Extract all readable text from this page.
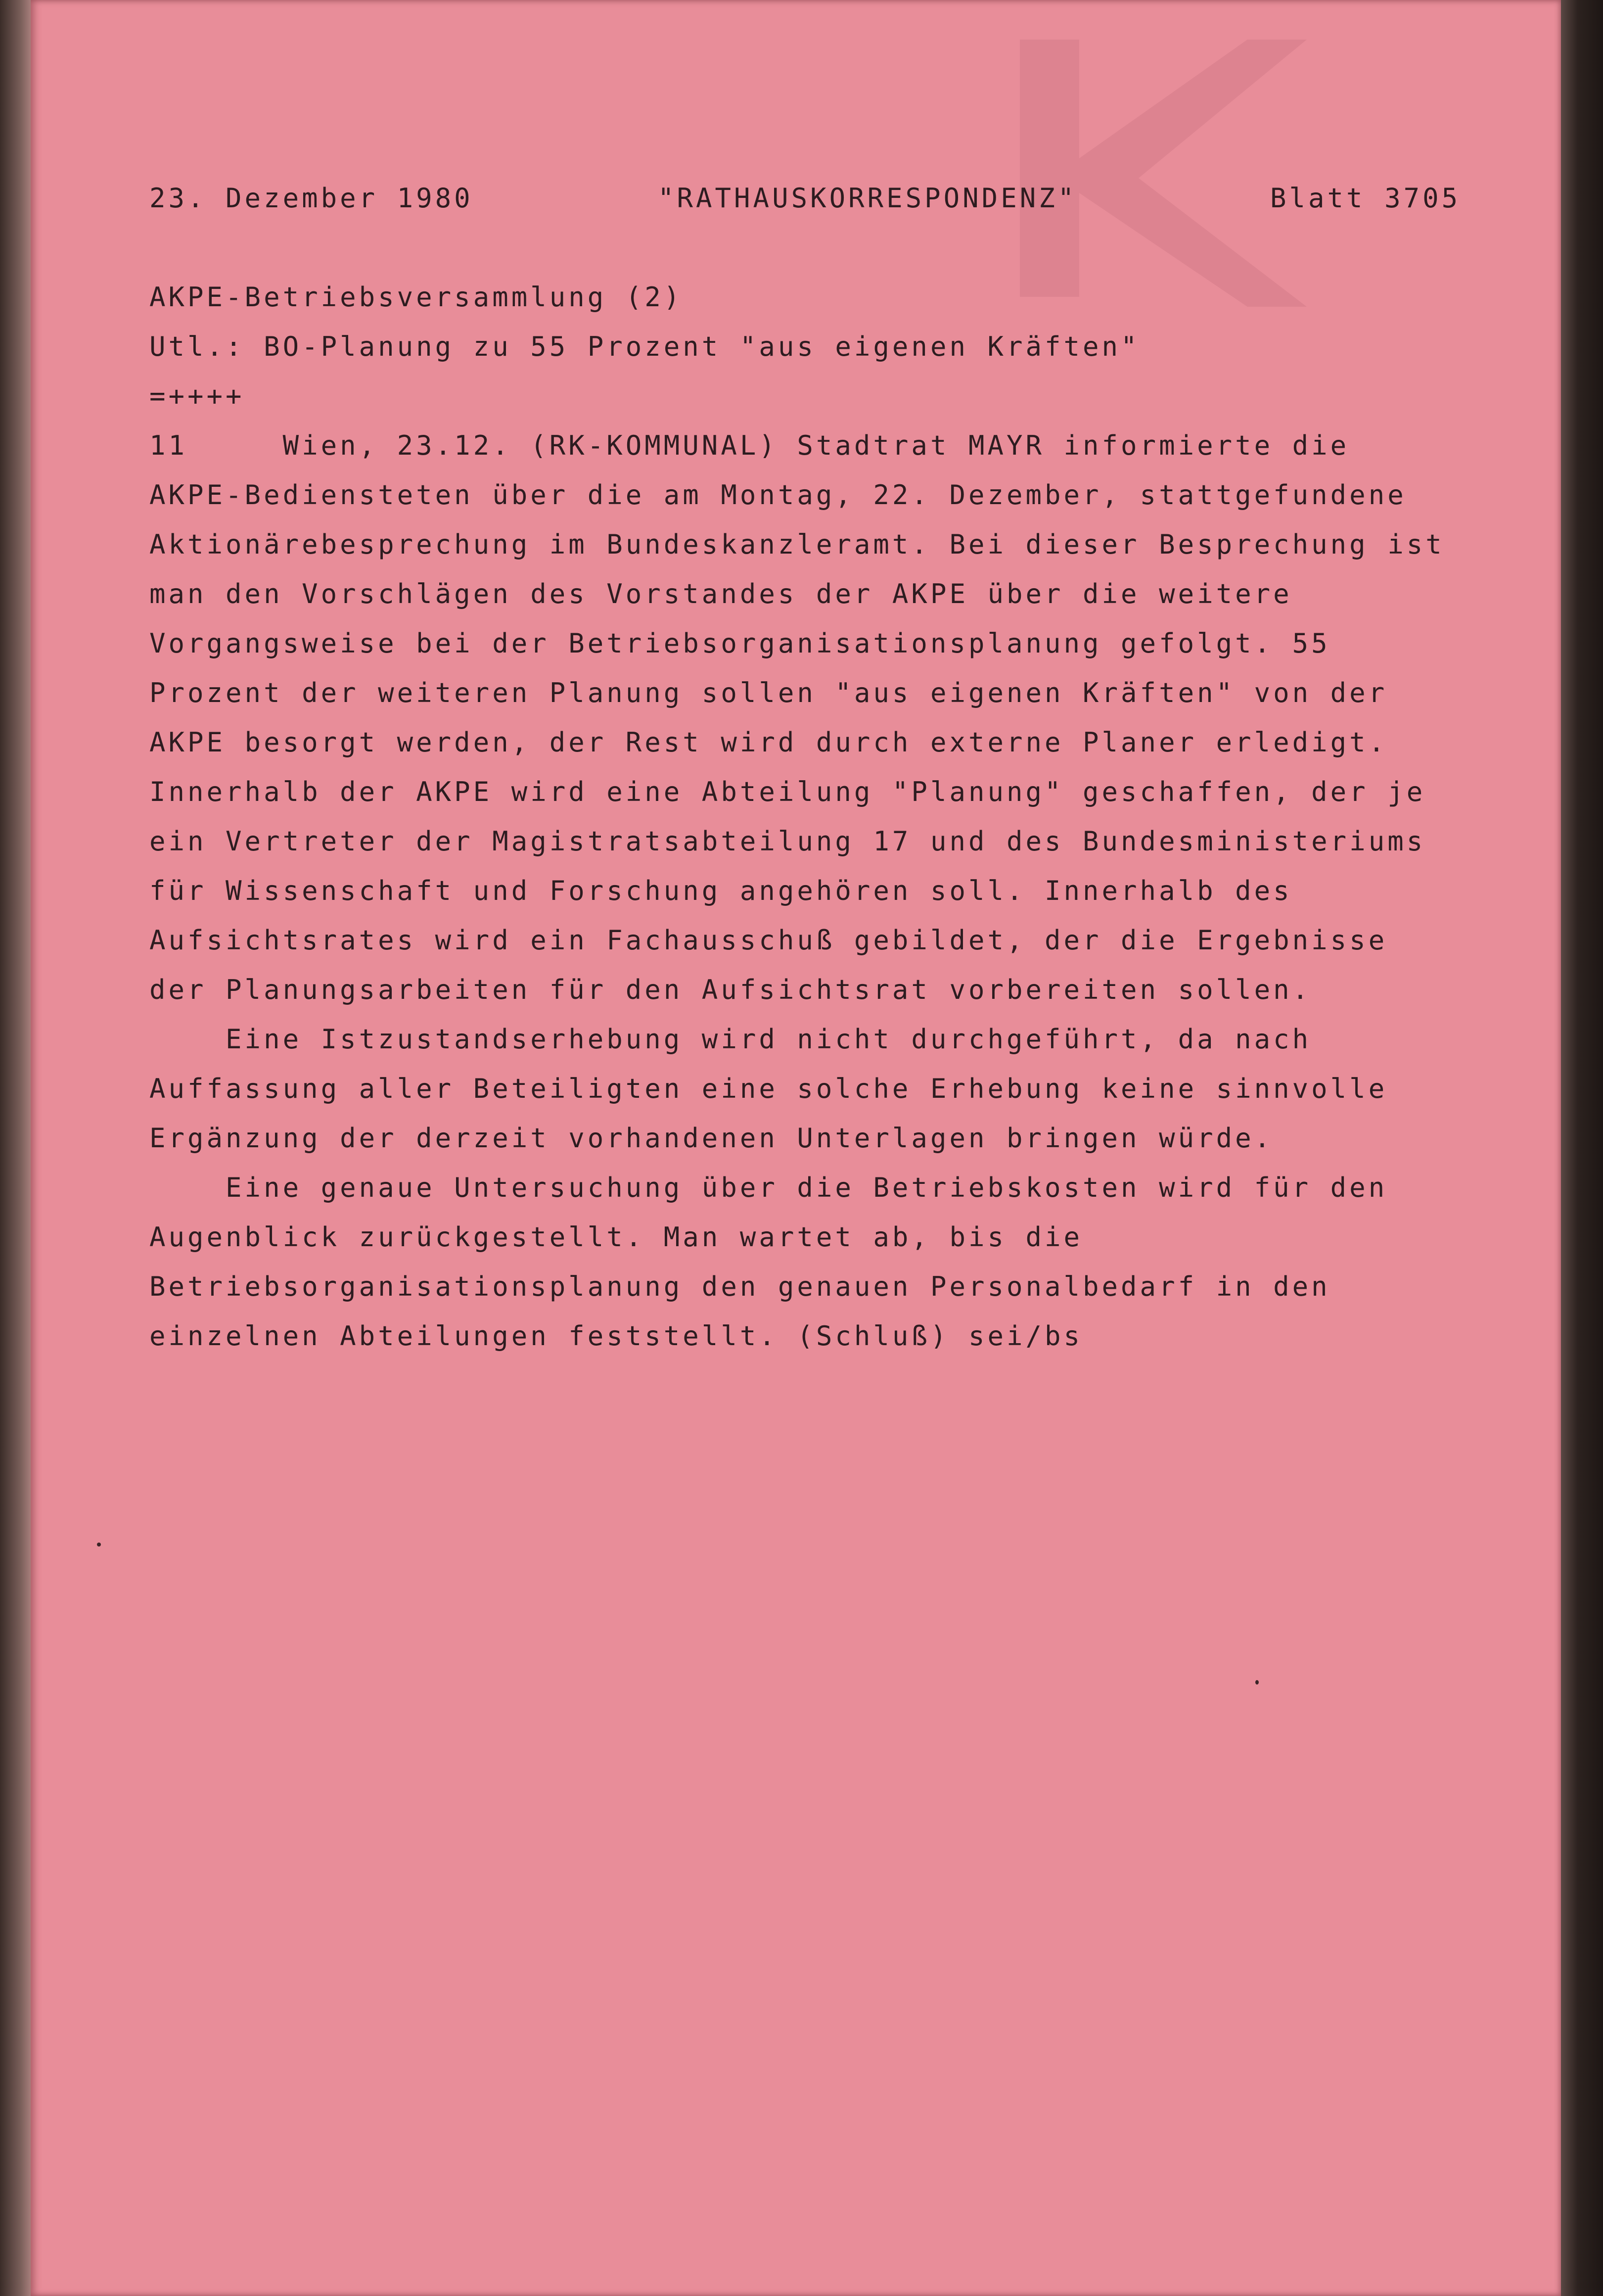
23. Dezember 1980	"RATHAUSKORRESPONDENZ"	Blatt 3705
AKPE-Betriebsversammlung (2)
Utl.: BO-Planung zu 55 Prozent "aus eigenen Kräften"
=++++
11     Wien, 23.12. (RK-KOMMUNAL) Stadtrat MAYR informierte die
AKPE-Bediensteten über die am Montag, 22. Dezember, stattgefundene
Aktionärebesprechung im Bundeskanzleramt. Bei dieser Besprechung ist
man den Vorschlägen des Vorstandes der AKPE über die weitere
Vorgangsweise bei der Betriebsorganisationsplanung gefolgt. 55
Prozent der weiteren Planung sollen "aus eigenen Kräften" von der
AKPE besorgt werden, der Rest wird durch externe Planer erledigt.
Innerhalb der AKPE wird eine Abteilung "Planung" geschaffen, der je
ein Vertreter der Magistratsabteilung 17 und des Bundesministeriums
für Wissenschaft und Forschung angehören soll. Innerhalb des
Aufsichtsrates wird ein Fachausschuß gebildet, der die Ergebnisse
der Planungsarbeiten für den Aufsichtsrat vorbereiten sollen.
Eine Istzustandserhebung wird nicht durchgeführt, da nach
Auffassung aller Beteiligten eine solche Erhebung keine sinnvolle
Ergänzung der derzeit vorhandenen Unterlagen bringen würde.
Eine genaue Untersuchung über die Betriebskosten wird für den
Augenblick zurückgestellt. Man wartet ab, bis die
Betriebsorganisationsplanung den genauen Personalbedarf in den
einzelnen Abteilungen feststellt. (Schluß) sei/bs
